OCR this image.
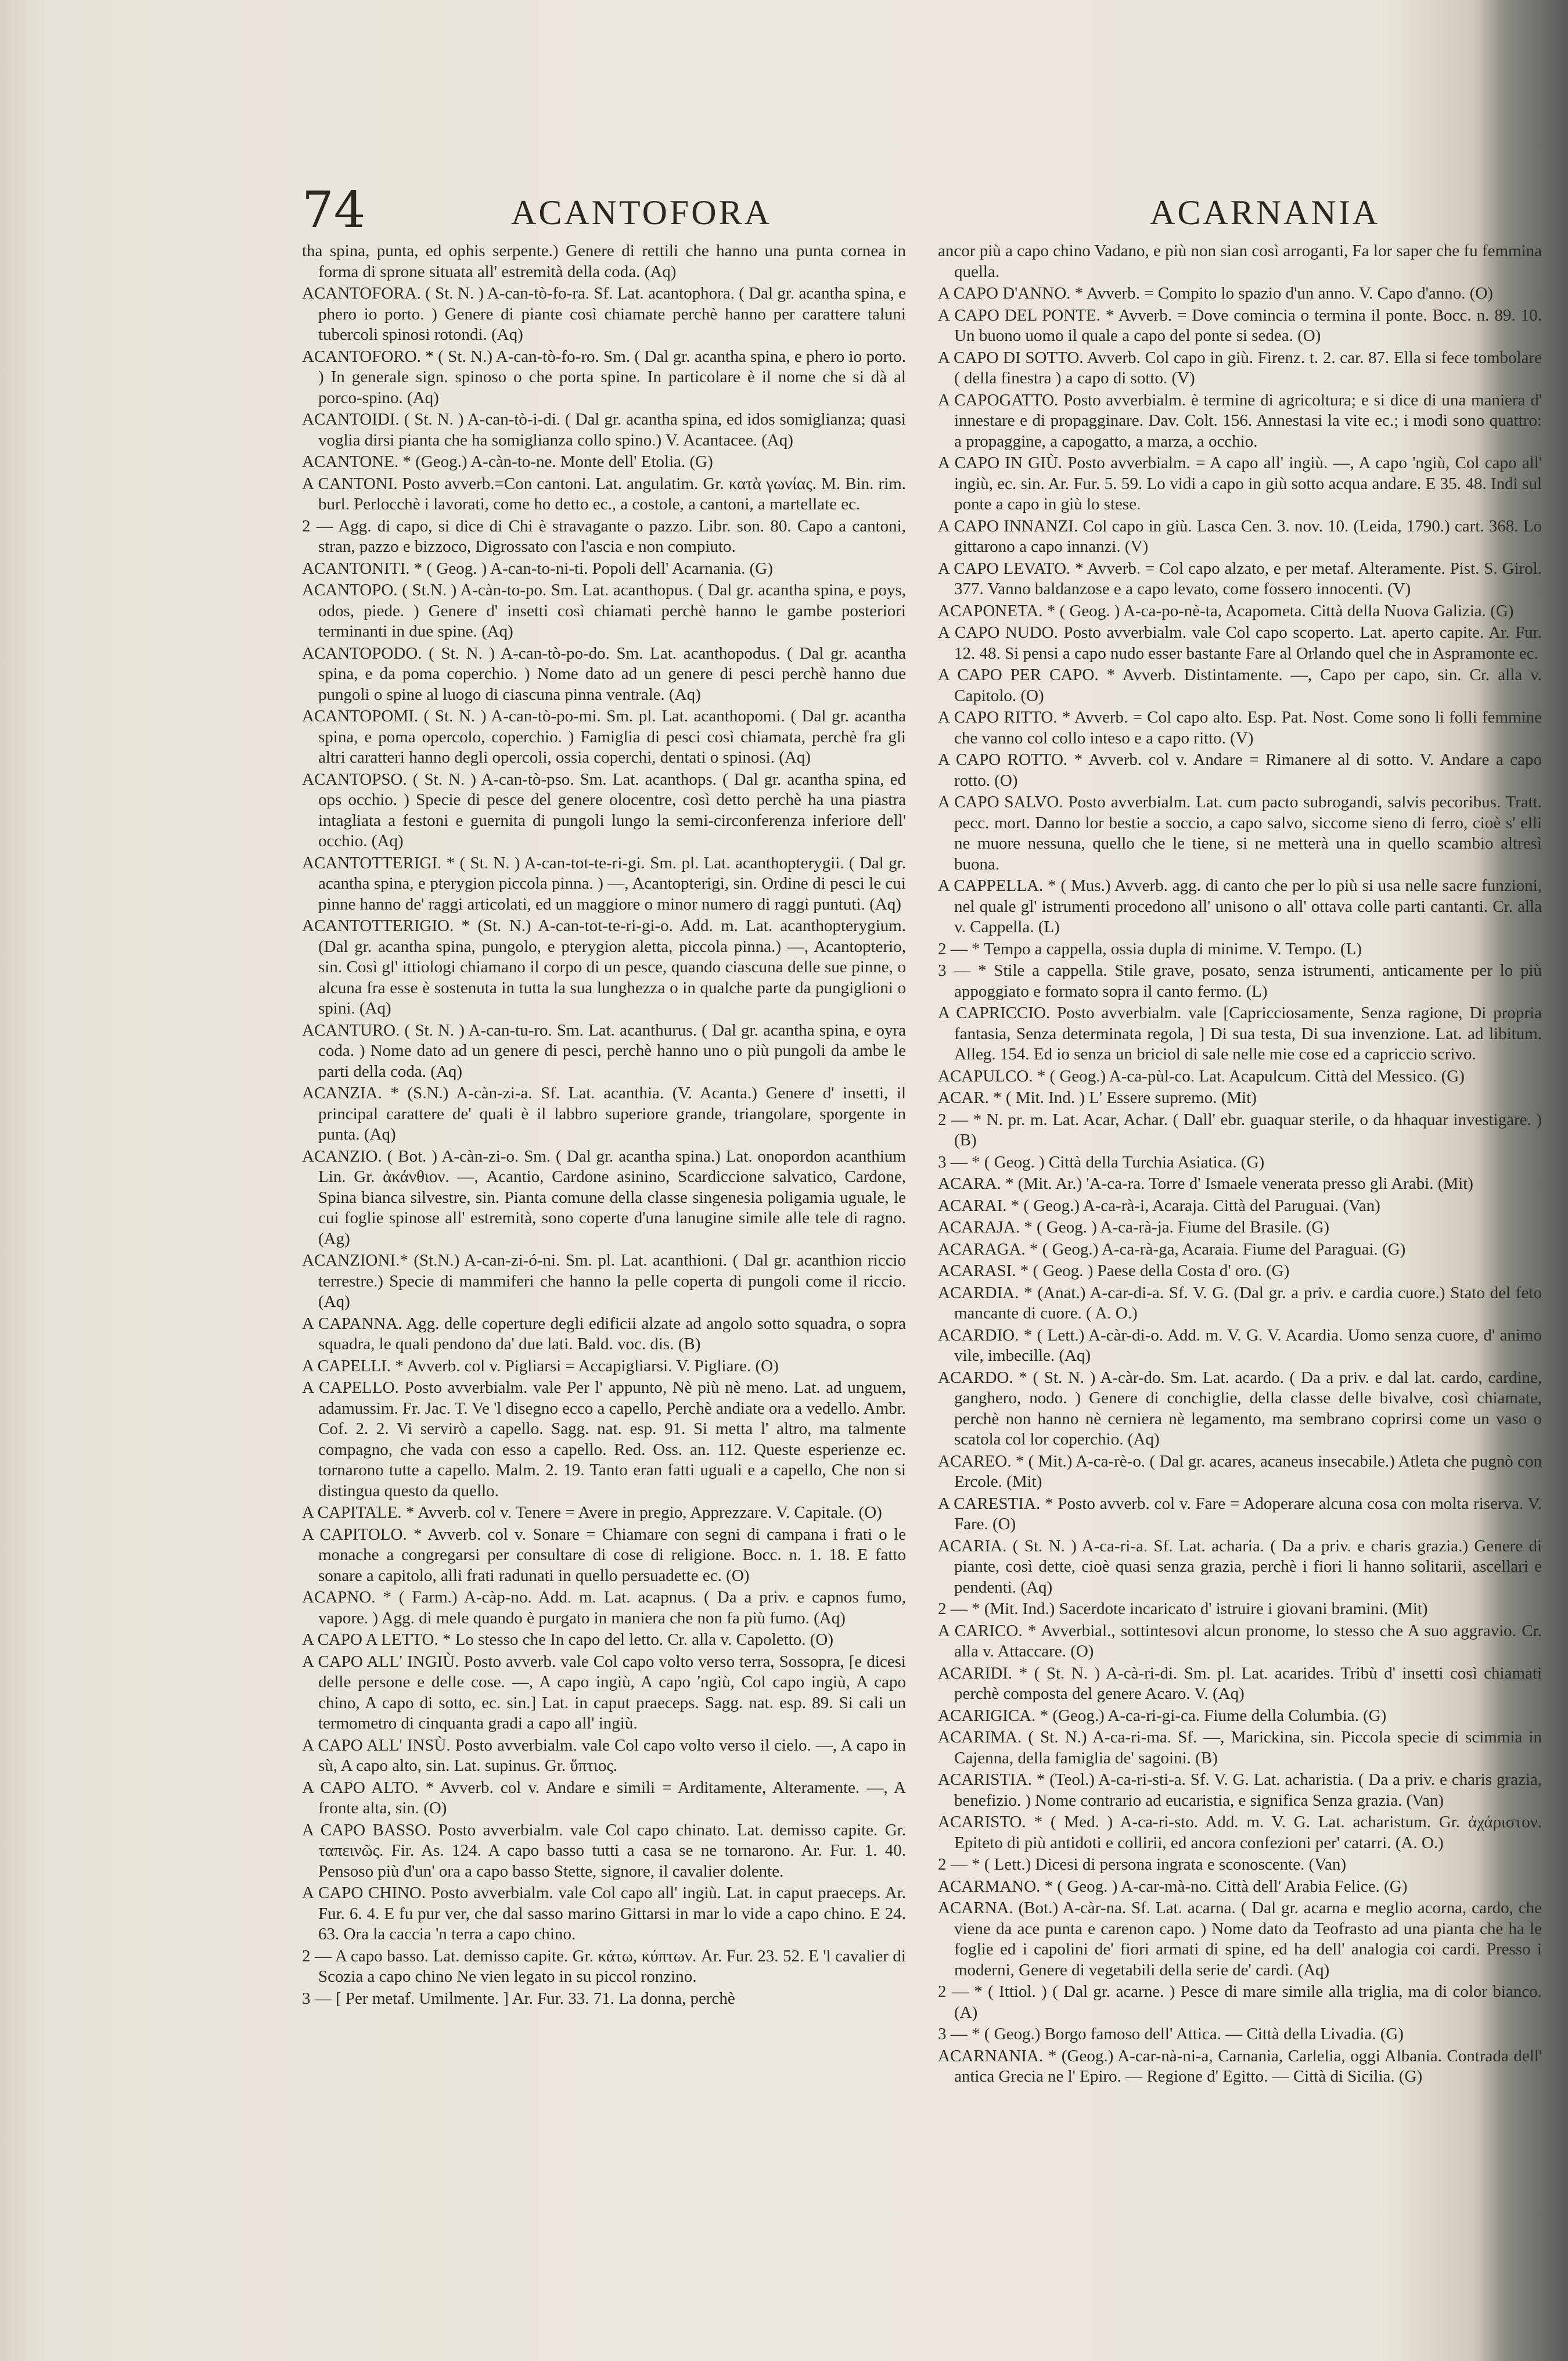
74	ACANTOFORA	ACARNANIA

tha spina, punta, ed ophis serpente.) Genere di rettili che hanno una punta cornea in forma di sprone situata all' estremità della coda. (Aq)

ACANTOFORA. ( St. N. ) A-can-tò-fo-ra. Sf. Lat. acantophora. ( Dal gr. acantha spina, e phero io porto. ) Genere di piante così chiamate perchè hanno per carattere taluni tubercoli spinosi rotondi. (Aq)

ACANTOFORO. * ( St. N.) A-can-tò-fo-ro. Sm. ( Dal gr. acantha spina, e phero io porto. ) In generale sign. spinoso o che porta spine. In particolare è il nome che si dà al porco-spino. (Aq)

ACANTOIDI. ( St. N. ) A-can-tò-i-di. ( Dal gr. acantha spina, ed idos somiglianza; quasi voglia dirsi pianta che ha somiglianza collo spino.) V. Acantacee. (Aq)

ACANTONE. * (Geog.) A-càn-to-ne. Monte dell' Etolia. (G)

A CANTONI. Posto avverb.=Con cantoni. Lat. angulatim. Gr. κατὰ γωνίας. M. Bin. rim. burl. Perlocchè i lavorati, come ho detto ec., a costole, a cantoni, a martellate ec.

2 — Agg. di capo, si dice di Chi è stravagante o pazzo. Libr. son. 80. Capo a cantoni, stran, pazzo e bizzoco, Digrossato con l'ascia e non compiuto.

ACANTONITI. * ( Geog. ) A-can-to-ni-ti. Popoli dell' Acarnania. (G)

ACANTOPO. ( St.N. ) A-càn-to-po. Sm. Lat. acanthopus. ( Dal gr. acantha spina, e poys, odos, piede. ) Genere d' insetti così chiamati perchè hanno le gambe posteriori terminanti in due spine. (Aq)

ACANTOPODO. ( St. N. ) A-can-tò-po-do. Sm. Lat. acanthopodus. ( Dal gr. acantha spina, e da poma coperchio. ) Nome dato ad un genere di pesci perchè hanno due pungoli o spine al luogo di ciascuna pinna ventrale. (Aq)

ACANTOPOMI. ( St. N. ) A-can-tò-po-mi. Sm. pl. Lat. acanthopomi. ( Dal gr. acantha spina, e poma opercolo, coperchio. ) Famiglia di pesci così chiamata, perchè fra gli altri caratteri hanno degli opercoli, ossia coperchi, dentati o spinosi. (Aq)

ACANTOPSO. ( St. N. ) A-can-tò-pso. Sm. Lat. acanthops. ( Dal gr. acantha spina, ed ops occhio. ) Specie di pesce del genere olocentre, così detto perchè ha una piastra intagliata a festoni e guernita di pungoli lungo la semi-circonferenza inferiore dell' occhio. (Aq)

ACANTOTTERIGI. * ( St. N. ) A-can-tot-te-ri-gi. Sm. pl. Lat. acanthopterygii. ( Dal gr. acantha spina, e pterygion piccola pinna. ) —, Acantopterigi, sin. Ordine di pesci le cui pinne hanno de' raggi articolati, ed un maggiore o minor numero di raggi puntuti. (Aq)

ACANTOTTERIGIO. * (St. N.) A-can-tot-te-ri-gi-o. Add. m. Lat. acanthopterygium. (Dal gr. acantha spina, pungolo, e pterygion aletta, piccola pinna.) —, Acantopterio, sin. Così gl' ittiologi chiamano il corpo di un pesce, quando ciascuna delle sue pinne, o alcuna fra esse è sostenuta in tutta la sua lunghezza o in qualche parte da pungiglioni o spini. (Aq)

ACANTURO. ( St. N. ) A-can-tu-ro. Sm. Lat. acanthurus. ( Dal gr. acantha spina, e oyra coda. ) Nome dato ad un genere di pesci, perchè hanno uno o più pungoli da ambe le parti della coda. (Aq)

ACANZIA. * (S.N.) A-càn-zi-a. Sf. Lat. acanthia. (V. Acanta.) Genere d' insetti, il principal carattere de' quali è il labbro superiore grande, triangolare, sporgente in punta. (Aq)

ACANZIO. ( Bot. ) A-càn-zi-o. Sm. ( Dal gr. acantha spina.) Lat. onopordon acanthium Lin. Gr. ἀκάνθιον. —, Acantio, Cardone asinino, Scardiccione salvatico, Cardone, Spina bianca silvestre, sin. Pianta comune della classe singenesia poligamia uguale, le cui foglie spinose all' estremità, sono coperte d'una lanugine simile alle tele di ragno. (Ag)

ACANZIONI.* (St.N.) A-can-zi-ó-ni. Sm. pl. Lat. acanthioni. ( Dal gr. acanthion riccio terrestre.) Specie di mammiferi che hanno la pelle coperta di pungoli come il riccio. (Aq)

A CAPANNA. Agg. delle coperture degli edificii alzate ad angolo sotto squadra, o sopra squadra, le quali pendono da' due lati. Bald. voc. dis. (B)

A CAPELLI. * Avverb. col v. Pigliarsi = Accapigliarsi. V. Pigliare. (O)

A CAPELLO. Posto avverbialm. vale Per l' appunto, Nè più nè meno. Lat. ad unguem, adamussim. Fr. Jac. T. Ve 'l disegno ecco a capello, Perchè andiate ora a vedello. Ambr. Cof. 2. 2. Vi servirò a capello. Sagg. nat. esp. 91. Si metta l' altro, ma talmente compagno, che vada con esso a capello. Red. Oss. an. 112. Queste esperienze ec. tornarono tutte a capello. Malm. 2. 19. Tanto eran fatti uguali e a capello, Che non si distingua questo da quello.

A CAPITALE. * Avverb. col v. Tenere = Avere in pregio, Apprezzare. V. Capitale. (O)

A CAPITOLO. * Avverb. col v. Sonare = Chiamare con segni di campana i frati o le monache a congregarsi per consultare di cose di religione. Bocc. n. 1. 18. E fatto sonare a capitolo, alli frati radunati in quello persuadette ec. (O)

ACAPNO. * ( Farm.) A-càp-no. Add. m. Lat. acapnus. ( Da a priv. e capnos fumo, vapore. ) Agg. di mele quando è purgato in maniera che non fa più fumo. (Aq)

A CAPO A LETTO. * Lo stesso che In capo del letto. Cr. alla v. Capoletto. (O)

A CAPO ALL' INGIÙ. Posto avverb. vale Col capo volto verso terra, Sossopra, [e dicesi delle persone e delle cose. —, A capo ingiù, A capo 'ngiù, Col capo ingiù, A capo chino, A capo di sotto, ec. sin.] Lat. in caput praeceps. Sagg. nat. esp. 89. Si cali un termometro di cinquanta gradi a capo all' ingiù.

A CAPO ALL' INSÙ. Posto avverbialm. vale Col capo volto verso il cielo. —, A capo in sù, A capo alto, sin. Lat. supinus. Gr. ὕπτιος.

A CAPO ALTO. * Avverb. col v. Andare e simili = Arditamente, Alteramente. —, A fronte alta, sin. (O)

A CAPO BASSO. Posto avverbialm. vale Col capo chinato. Lat. demisso capite. Gr. ταπεινῶς. Fir. As. 124. A capo basso tutti a casa se ne tornarono. Ar. Fur. 1. 40. Pensoso più d'un' ora a capo basso Stette, signore, il cavalier dolente.

A CAPO CHINO. Posto avverbialm. vale Col capo all' ingiù. Lat. in caput praeceps. Ar. Fur. 6. 4. E fu pur ver, che dal sasso marino Gittarsi in mar lo vide a capo chino. E 24. 63. Ora la caccia 'n terra a capo chino.

2 — A capo basso. Lat. demisso capite. Gr. κάτω, κύπτων. Ar. Fur. 23. 52. E 'l cavalier di Scozia a capo chino Ne vien legato in su piccol ronzino.

3 — [ Per metaf. Umilmente. ] Ar. Fur. 33. 71. La donna, perchè

ancor più a capo chino Vadano, e più non sian così arroganti, Fa lor saper che fu femmina quella.

A CAPO D'ANNO. * Avverb. = Compito lo spazio d'un anno. V. Capo d'anno. (O)

A CAPO DEL PONTE. * Avverb. = Dove comincia o termina il ponte. Bocc. n. 89. 10. Un buono uomo il quale a capo del ponte si sedea. (O)

A CAPO DI SOTTO. Avverb. Col capo in giù. Firenz. t. 2. car. 87. Ella si fece tombolare ( della finestra ) a capo di sotto. (V)

A CAPOGATTO. Posto avverbialm. è termine di agricoltura; e si dice di una maniera d' innestare e di propagginare. Dav. Colt. 156. Annestasi la vite ec.; i modi sono quattro: a propaggine, a capogatto, a marza, a occhio.

A CAPO IN GIÙ. Posto avverbialm. = A capo all' ingiù. —, A capo 'ngiù, Col capo all' ingiù, ec. sin. Ar. Fur. 5. 59. Lo vidi a capo in giù sotto acqua andare. E 35. 48. Indi sul ponte a capo in giù lo stese.

A CAPO INNANZI. Col capo in giù. Lasca Cen. 3. nov. 10. (Leida, 1790.) cart. 368. Lo gittarono a capo innanzi. (V)

A CAPO LEVATO. * Avverb. = Col capo alzato, e per metaf. Alteramente. Pist. S. Girol. 377. Vanno baldanzose e a capo levato, come fossero innocenti. (V)

ACAPONETA. * ( Geog. ) A-ca-po-nè-ta, Acapometa. Città della Nuova Galizia. (G)

A CAPO NUDO. Posto avverbialm. vale Col capo scoperto. Lat. aperto capite. Ar. Fur. 12. 48. Si pensi a capo nudo esser bastante Fare al Orlando quel che in Aspramonte ec.

A CAPO PER CAPO. * Avverb. Distintamente. —, Capo per capo, sin. Cr. alla v. Capitolo. (O)

A CAPO RITTO. * Avverb. = Col capo alto. Esp. Pat. Nost. Come sono li folli femmine che vanno col collo inteso e a capo ritto. (V)

A CAPO ROTTO. * Avverb. col v. Andare = Rimanere al di sotto. V. Andare a capo rotto. (O)

A CAPO SALVO. Posto avverbialm. Lat. cum pacto subrogandi, salvis pecoribus. Tratt. pecc. mort. Danno lor bestie a soccio, a capo salvo, siccome sieno di ferro, cioè s' elli ne muore nessuna, quello che le tiene, si ne metterà una in quello scambio altresì buona.

A CAPPELLA. * ( Mus.) Avverb. agg. di canto che per lo più si usa nelle sacre funzioni, nel quale gl' istrumenti procedono all' unisono o all' ottava colle parti cantanti. Cr. alla v. Cappella. (L)

2 — * Tempo a cappella, ossia dupla di minime. V. Tempo. (L)

3 — * Stile a cappella. Stile grave, posato, senza istrumenti, anticamente per lo più appoggiato e formato sopra il canto fermo. (L)

A CAPRICCIO. Posto avverbialm. vale [Capricciosamente, Senza ragione, Di propria fantasia, Senza determinata regola, ] Di sua testa, Di sua invenzione. Lat. ad libitum. Alleg. 154. Ed io senza un briciol di sale nelle mie cose ed a capriccio scrivo.

ACAPULCO. * ( Geog.) A-ca-pùl-co. Lat. Acapulcum. Città del Messico. (G)

ACAR. * ( Mit. Ind. ) L' Essere supremo. (Mit)

2 — * N. pr. m. Lat. Acar, Achar. ( Dall' ebr. guaquar sterile, o da hhaquar investigare. ) (B)

3 — * ( Geog. ) Città della Turchia Asiatica. (G)

ACARA. * (Mit. Ar.) 'A-ca-ra. Torre d' Ismaele venerata presso gli Arabi. (Mit)

ACARAI. * ( Geog.) A-ca-rà-i, Acaraja. Città del Paruguai. (Van)

ACARAJA. * ( Geog. ) A-ca-rà-ja. Fiume del Brasile. (G)

ACARAGA. * ( Geog.) A-ca-rà-ga, Acaraia. Fiume del Paraguai. (G)

ACARASI. * ( Geog. ) Paese della Costa d' oro. (G)

ACARDIA. * (Anat.) A-car-di-a. Sf. V. G. (Dal gr. a priv. e cardia cuore.) Stato del feto mancante di cuore. ( A. O.)

ACARDIO. * ( Lett.) A-càr-di-o. Add. m. V. G. V. Acardia. Uomo senza cuore, d' animo vile, imbecille. (Aq)

ACARDO. * ( St. N. ) A-càr-do. Sm. Lat. acardo. ( Da a priv. e dal lat. cardo, cardine, ganghero, nodo. ) Genere di conchiglie, della classe delle bivalve, così chiamate, perchè non hanno nè cerniera nè legamento, ma sembrano coprirsi come un vaso o scatola col lor coperchio. (Aq)

ACAREO. * ( Mit.) A-ca-rè-o. ( Dal gr. acares, acaneus insecabile.) Atleta che pugnò con Ercole. (Mit)

A CARESTIA. * Posto avverb. col v. Fare = Adoperare alcuna cosa con molta riserva. V. Fare. (O)

ACARIA. ( St. N. ) A-ca-ri-a. Sf. Lat. acharia. ( Da a priv. e charis grazia.) Genere di piante, così dette, cioè quasi senza grazia, perchè i fiori li hanno solitarii, ascellari e pendenti. (Aq)

2 — * (Mit. Ind.) Sacerdote incaricato d' istruire i giovani bramini. (Mit)

A CARICO. * Avverbial., sottintesovi alcun pronome, lo stesso che A suo aggravio. Cr. alla v. Attaccare. (O)

ACARIDI. * ( St. N. ) A-cà-ri-di. Sm. pl. Lat. acarides. Tribù d' insetti così chiamati perchè composta del genere Acaro. V. (Aq)

ACARIGICA. * (Geog.) A-ca-ri-gi-ca. Fiume della Columbia. (G)

ACARIMA. ( St. N.) A-ca-ri-ma. Sf. —, Marickina, sin. Piccola specie di scimmia in Cajenna, della famiglia de' sagoini. (B)

ACARISTIA. * (Teol.) A-ca-ri-sti-a. Sf. V. G. Lat. acharistia. ( Da a priv. e charis grazia, benefizio. ) Nome contrario ad eucaristia, e significa Senza grazia. (Van)

ACARISTO. * ( Med. ) A-ca-ri-sto. Add. m. V. G. Lat. acharistum. Gr. ἀχάριστον. Epiteto di più antidoti e collirii, ed ancora confezioni per' catarri. (A. O.)

2 — * ( Lett.) Dicesi di persona ingrata e sconoscente. (Van)

ACARMANO. * ( Geog. ) A-car-mà-no. Città dell' Arabia Felice. (G)

ACARNA. (Bot.) A-càr-na. Sf. Lat. acarna. ( Dal gr. acarna e meglio acorna, cardo, che viene da ace punta e carenon capo. ) Nome dato da Teofrasto ad una pianta che ha le foglie ed i capolini de' fiori armati di spine, ed ha dell' analogia coi cardi. Presso i moderni, Genere di vegetabili della serie de' cardi. (Aq)

2 — * ( Ittiol. ) ( Dal gr. acarne. ) Pesce di mare simile alla triglia, ma di color bianco. (A)

3 — * ( Geog.) Borgo famoso dell' Attica. — Città della Livadia. (G)

ACARNANIA. * (Geog.) A-car-nà-ni-a, Carnania, Carlelia, oggi Albania. Contrada dell' antica Grecia ne l' Epiro. — Regione d' Egitto. — Città di Sicilia. (G)
